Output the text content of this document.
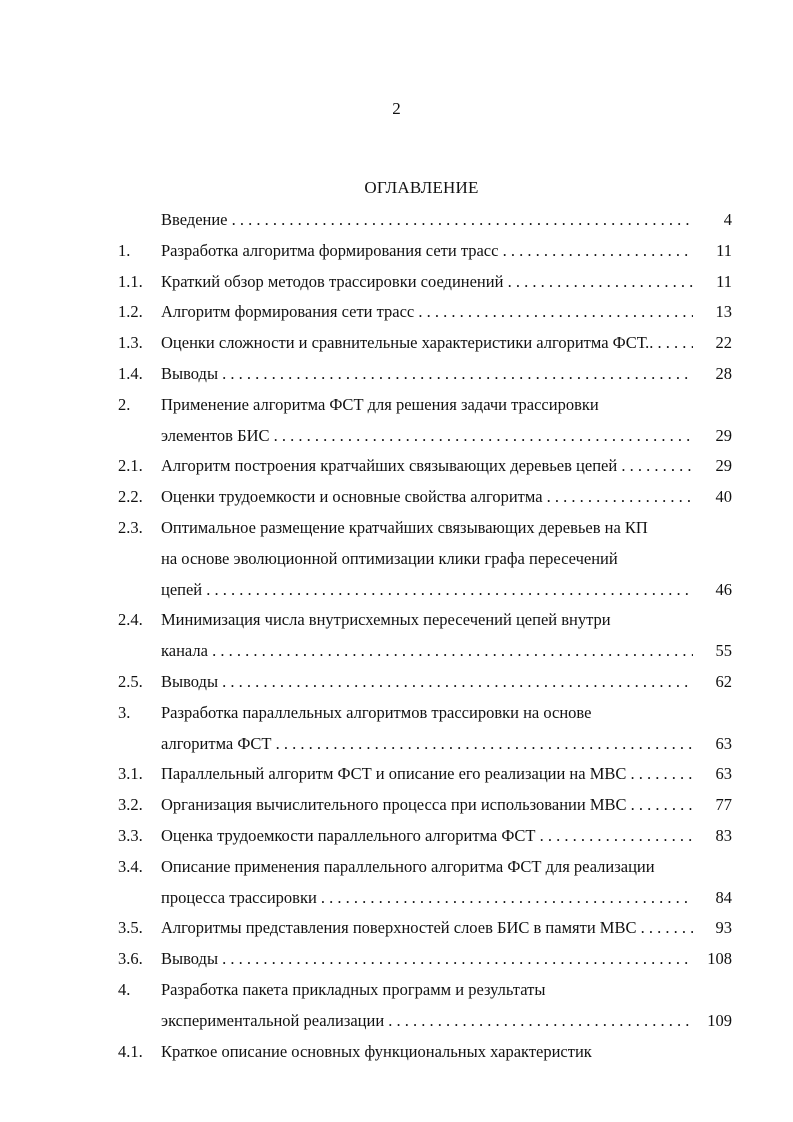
2
ОГЛАВЛЕНИЕ
Введение . . .	4
1. Разработка алгоритма формирования сети трасс . . .	11
1.1. Краткий обзор методов трассировки соединений . . .	11
1.2. Алгоритм формирования сети трасс . . .	13
1.3. Оценки сложности и сравнительные характеристики алгоритма ФСТ.. . . .	22
1.4. Выводы . . .	28
2. Применение алгоритма ФСТ для решения задачи трассировки
элементов БИС . . .	29
2.1. Алгоритм построения кратчайших связывающих деревьев цепей . . .	29
2.2. Оценки трудоемкости и основные свойства алгоритма . . .	40
2.3. Оптимальное размещение кратчайших связывающих деревьев на КП
на основе эволюционной оптимизации клики графа пересечений
цепей . . .	46
2.4. Минимизация числа внутрисхемных пересечений цепей внутри
канала . . .	55
2.5. Выводы . . .	62
3. Разработка параллельных алгоритмов трассировки на основе
алгоритма ФСТ . . .	63
3.1. Параллельный алгоритм ФСТ и описание его реализации на МВС . . .	63
3.2. Организация вычислительного процесса при использовании МВС . . .	77
3.3. Оценка трудоемкости параллельного алгоритма ФСТ . . .	83
3.4. Описание применения параллельного алгоритма ФСТ для реализации
процесса трассировки . . .	84
3.5. Алгоритмы представления поверхностей слоев БИС в памяти МВС . . .	93
3.6. Выводы . . .	108
4. Разработка пакета прикладных программ и результаты
экспериментальной реализации . . .	109
4.1. Краткое описание основных функциональных характеристик
